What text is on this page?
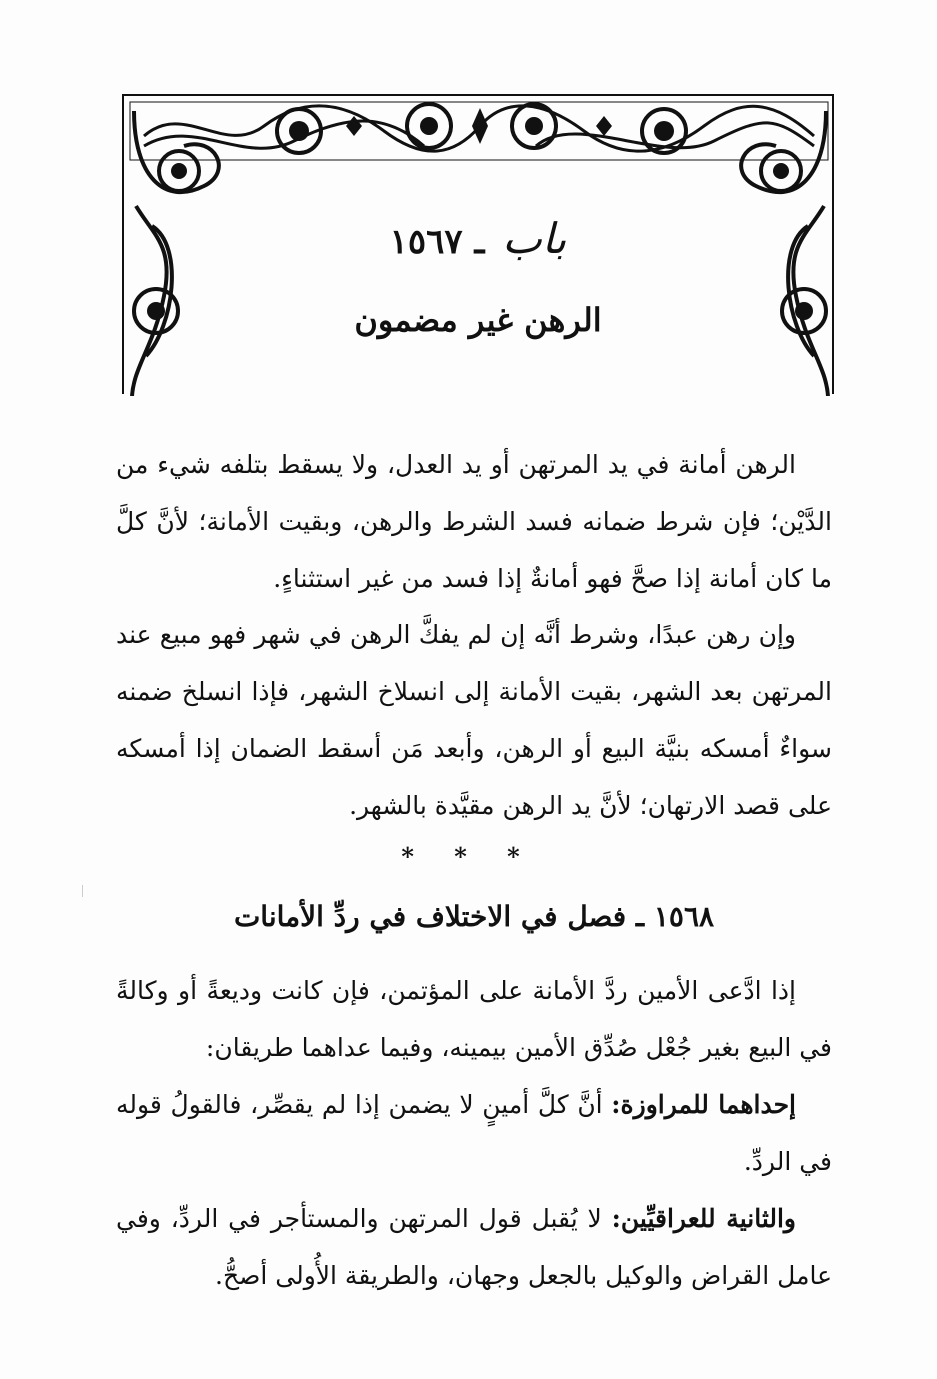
باب ـ ١٥٦٧
الرهن غير مضمون
الرهن أمانة في يد المرتهن أو يد العدل، ولا يسقط بتلفه شيء من الدَّيْن؛ فإن شرط ضمانه فسد الشرط والرهن، وبقيت الأمانة؛ لأنَّ كلَّ ما كان أمانة إذا صحَّ فهو أمانةٌ إذا فسد من غير استثناءٍ.
وإن رهن عبدًا، وشرط أنَّه إن لم يفكَّ الرهن في شهر فهو مبيع عند المرتهن بعد الشهر، بقيت الأمانة إلى انسلاخ الشهر، فإذا انسلخ ضمنه سواءٌ أمسكه بنيَّة البيع أو الرهن، وأبعد مَن أسقط الضمان إذا أمسكه على قصد الارتهان؛ لأنَّ يد الرهن مقيَّدة بالشهر.
* * *
١٥٦٨ ـ فصل في الاختلاف في ردِّ الأمانات
إذا ادَّعى الأمين ردَّ الأمانة على المؤتمن، فإن كانت وديعةً أو وكالةً في البيع بغير جُعْل صُدِّق الأمين بيمينه، وفيما عداهما طريقان:
إحداهما للمراوزة: أنَّ كلَّ أمينٍ لا يضمن إذا لم يقصِّر، فالقولُ قوله في الردِّ.
والثانية للعراقيِّين: لا يُقبل قول المرتهن والمستأجر في الردِّ، وفي عامل القراض والوكيل بالجعل وجهان، والطريقة الأُولى أصحُّ.
